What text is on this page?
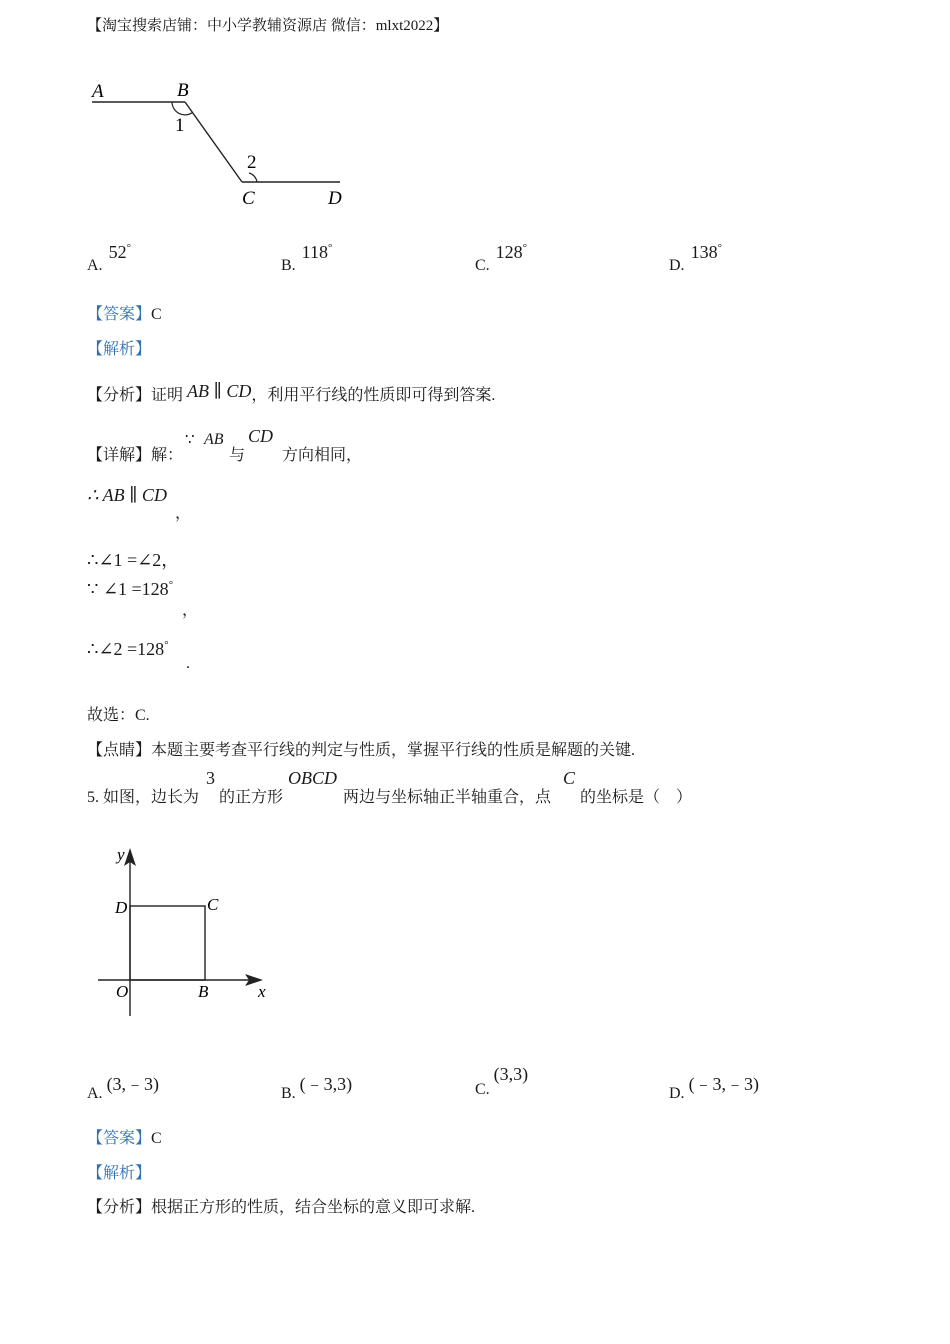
【淘宝搜索店铺：中小学教辅资源店 微信：mlxt2022】
A	B
1
2
C	D
A. 52°
B. 118°
C. 128°
D. 138°
【答案】C
【解析】
【分析】证明 AB ∥ CD，利用平行线的性质即可得到答案.
【详解】解：
∵ AB
与
CD
方向相同，
∴ AB ∥ CD
，
∴∠1 =∠2，
∵ ∠1 =128°
，
∴∠2 =128°
.
故选：C.
【点睛】本题主要考查平行线的判定与性质，掌握平行线的性质是解题的关键.
5. 如图，边长为
3
的正方形
OBCD
两边与坐标轴正半轴重合，点
C
的坐标是（　）
y
x
O	B
C
D
A. (3,﹣3)	B. (﹣3,3)	C. (3,3)
D. (﹣3,﹣3)
【答案】C
【解析】
【分析】根据正方形的性质，结合坐标的意义即可求解.
